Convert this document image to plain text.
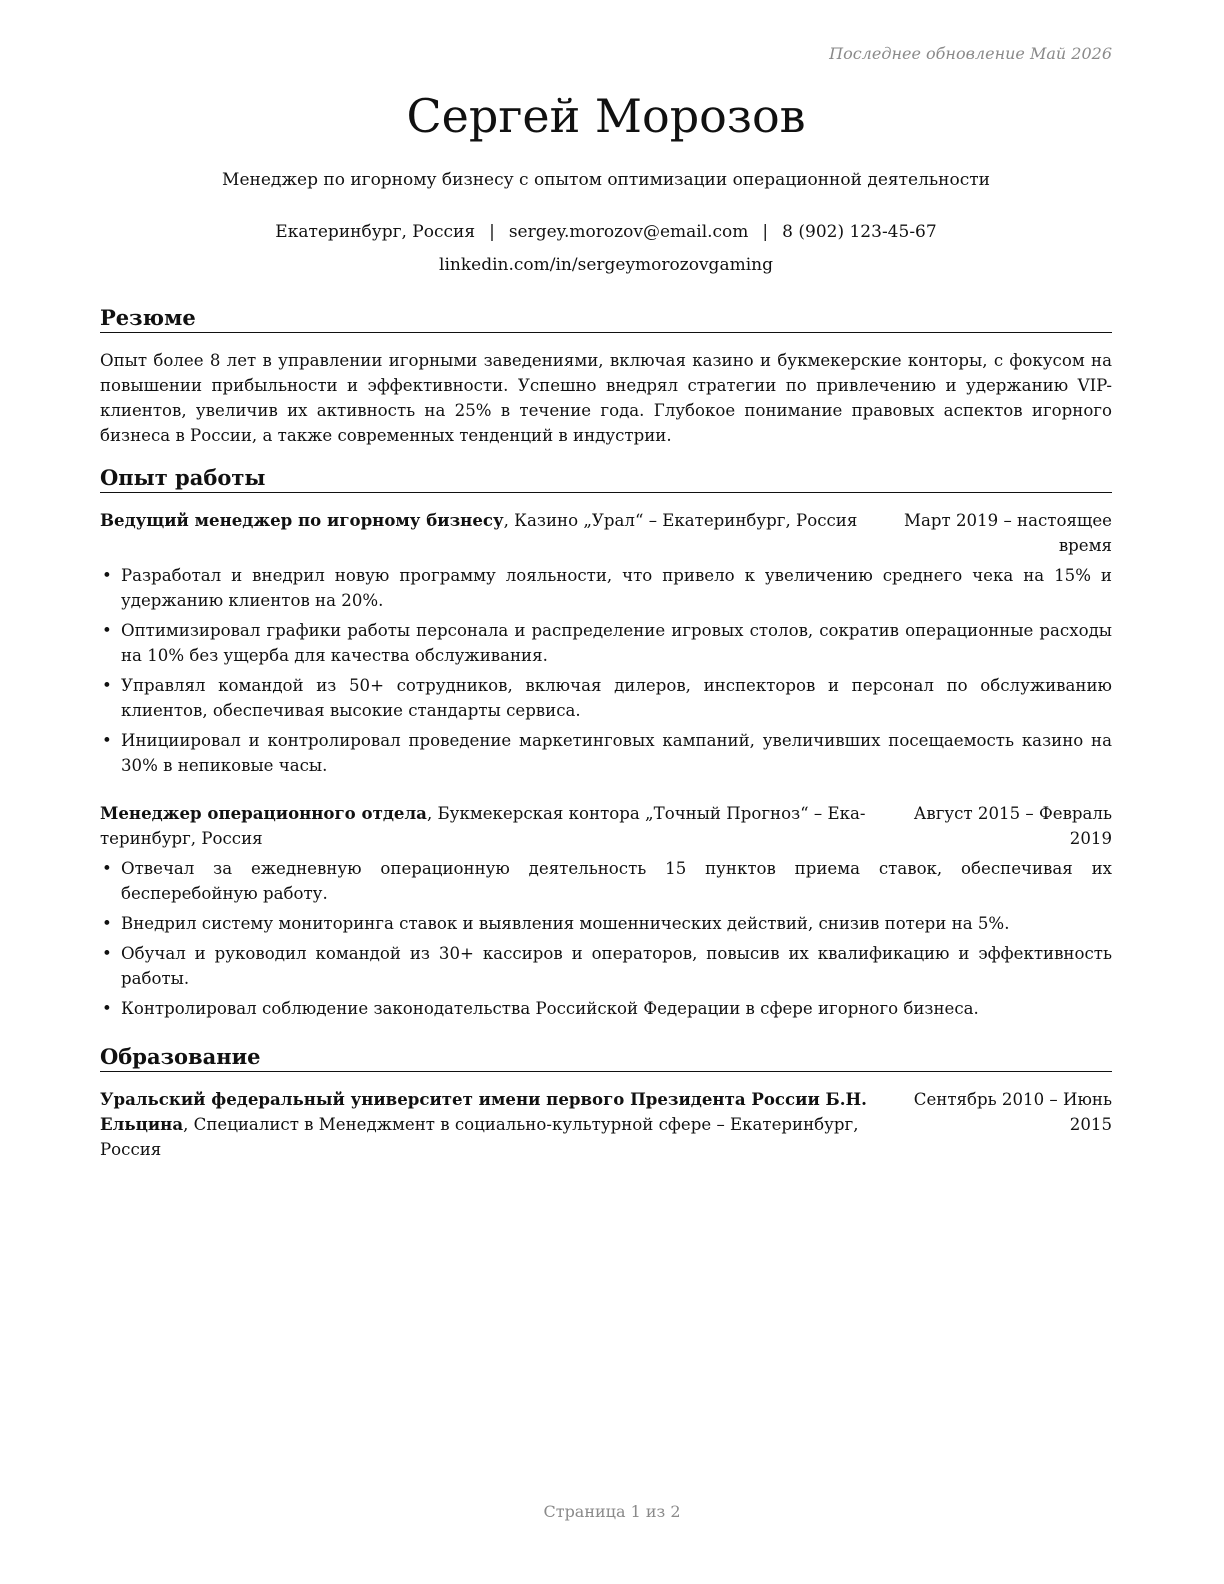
Последнее обновление Май 2026
Сергей Морозов
Менеджер по игорному бизнесу с опытом оптимизации операционной деятельности
Екатеринбург, Россия | sergey.morozov@email.com | 8 (902) 123-45-67
linkedin.com/in/sergeymorozovgaming
Резюме
Опыт более 8 лет в управлении игорными заведениями, включая казино и букмекерские конторы, с фокусом на повышении прибыльности и эффективности. Успешно внедрял стратегии по привлечению и удержанию VIP-клиентов, увеличив их активность на 25% в течение года. Глубокое понимание правовых аспектов игорного бизнеса в России, а также современных тенденций в индустрии.
Опыт работы
Ведущий менеджер по игорному бизнесу, Казино „Урал“ – Екатеринбург, Россия	Март 2019 – настоящее
время
• Разработал и внедрил новую программу лояльности, что привело к увеличению среднего чека на 15% и удержанию клиентов на 20%.
• Оптимизировал графики работы персонала и распределение игровых столов, сократив операционные расходы на 10% без ущерба для качества обслуживания.
• Управлял командой из 50+ сотрудников, включая дилеров, инспекторов и персонал по обслуживанию клиентов, обеспечивая высокие стандарты сервиса.
• Инициировал и контролировал проведение маркетинговых кампаний, увеличивших посещаемость казино на 30% в непиковые часы.
Менеджер операционного отдела, Букмекерская контора „Точный Прогноз“ – Ека-
теринбург, Россия
Август 2015 – Февраль
2019
• Отвечал за ежедневную операционную деятельность 15 пунктов приема ставок, обеспечивая их бесперебойную работу.
• Внедрил систему мониторинга ставок и выявления мошеннических действий, снизив потери на 5%.
• Обучал и руководил командой из 30+ кассиров и операторов, повысив их квалификацию и эффективность работы.
• Контролировал соблюдение законодательства Российской Федерации в сфере игорного бизнеса.
Образование
Уральский федеральный университет имени первого Президента России Б.Н.
Ельцина, Специалист в Менеджмент в социально-культурной сфере – Екатеринбург,
Россия
Сентябрь 2010 – Июнь
2015
Страница 1 из 2
